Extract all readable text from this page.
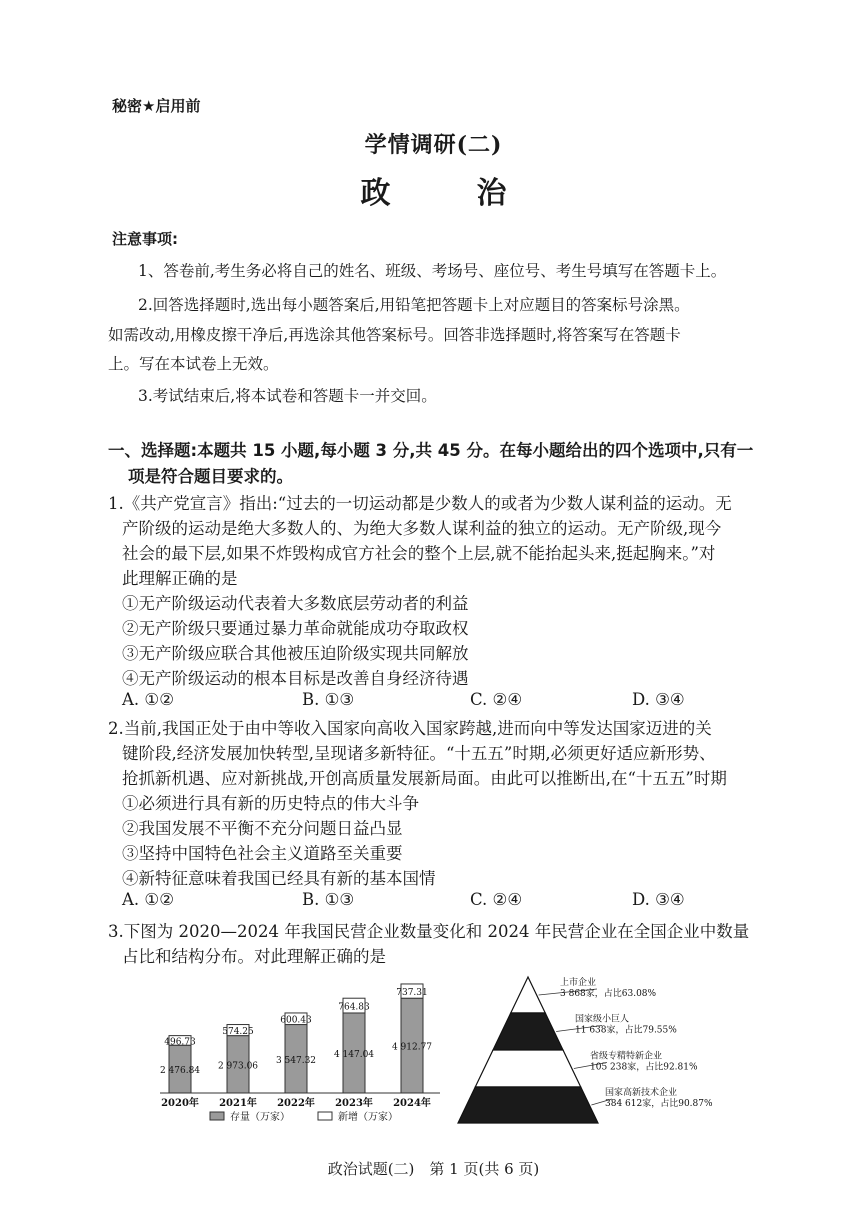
秘密★启用前
学情调研(二)
政　治
注意事项:
1、答卷前,考生务必将自己的姓名、班级、考场号、座位号、考生号填写在答题卡上。
2.回答选择题时,选出每小题答案后,用铅笔把答题卡上对应题目的答案标号涂黑。
如需改动,用橡皮擦干净后,再选涂其他答案标号。回答非选择题时,将答案写在答题卡
上。写在本试卷上无效。
3.考试结束后,将本试卷和答题卡一并交回。
一、选择题:本题共 15 小题,每小题 3 分,共 45 分。在每小题给出的四个选项中,只有一
项是符合题目要求的。
1.《共产党宣言》指出:“过去的一切运动都是少数人的或者为少数人谋利益的运动。无
产阶级的运动是绝大多数人的、为绝大多数人谋利益的独立的运动。无产阶级,现今
社会的最下层,如果不炸毁构成官方社会的整个上层,就不能抬起头来,挺起胸来。”对
此理解正确的是
①无产阶级运动代表着大多数底层劳动者的利益
②无产阶级只要通过暴力革命就能成功夺取政权
③无产阶级应联合其他被压迫阶级实现共同解放
④无产阶级运动的根本目标是改善自身经济待遇
A. ①②	B. ①③	C. ②④	D. ③④
2.当前,我国正处于由中等收入国家向高收入国家跨越,进而向中等发达国家迈进的关
键阶段,经济发展加快转型,呈现诸多新特征。“十五五”时期,必须更好适应新形势、
抢抓新机遇、应对新挑战,开创高质量发展新局面。由此可以推断出,在“十五五”时期
①必须进行具有新的历史特点的伟大斗争
②我国发展不平衡不充分问题日益凸显
③坚持中国特色社会主义道路至关重要
④新特征意味着我国已经具有新的基本国情
A. ①②	B. ①③	C. ②④	D. ③④
3.下图为 2020—2024 年我国民营企业数量变化和 2024 年民营企业在全国企业中数量
占比和结构分布。对此理解正确的是
2 476.84
496.73
2020年
2 973.06
574.25
2021年
3 547.32
600.43
2022年
4 147.04
764.83
2023年
4 912.77
737.31
2024年
存量（万家）	新增（万家）
上市企业
3 868家，占比63.08%
国家级小巨人
11 638家，占比79.55%
省级专精特新企业
105 238家，占比92.81%
国家高新技术企业
384 612家，占比90.87%
政治试题(二)　第 1 页(共 6 页)
